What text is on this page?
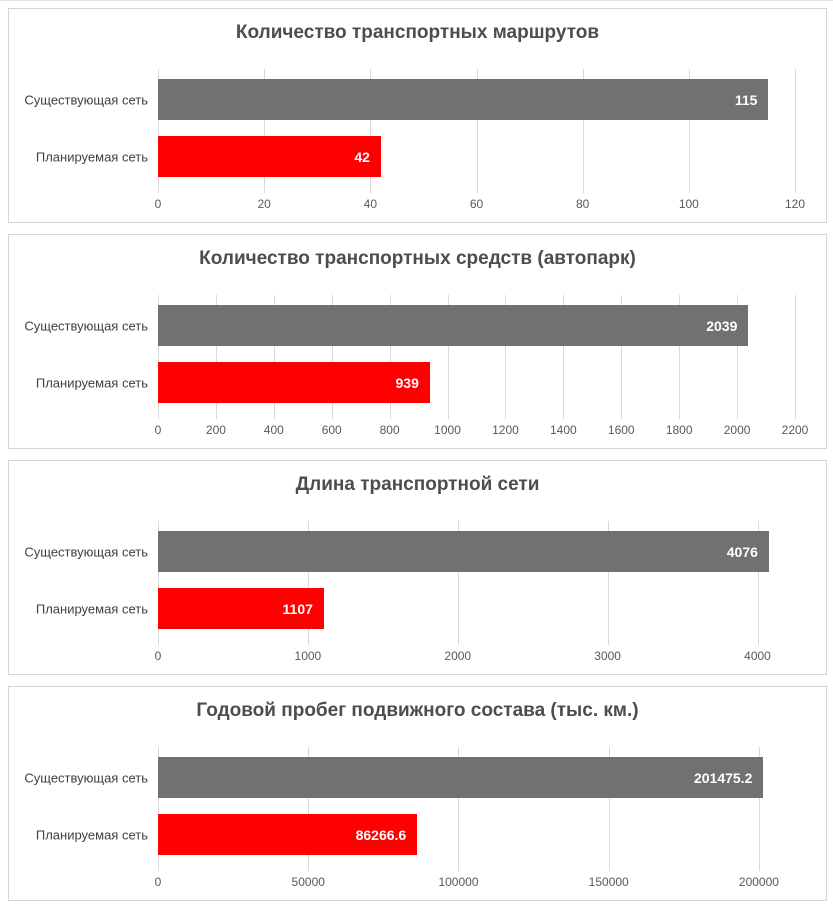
Количество транспортных маршрутов
0	20	40	60	80	100	120
Существующая сеть	115
Планируемая сеть	42
Количество транспортных средств (автопарк)
0	200	400	600	800	1000	1200	1400	1600	1800	2000	2200
Существующая сеть	2039
Планируемая сеть	939
Длина транспортной сети
0	1000	2000	3000	4000
Существующая сеть	4076
Планируемая сеть	1107
Годовой пробег подвижного состава (тыс. км.)
0	50000	100000	150000	200000
Существующая сеть	201475.2
Планируемая сеть	86266.6
